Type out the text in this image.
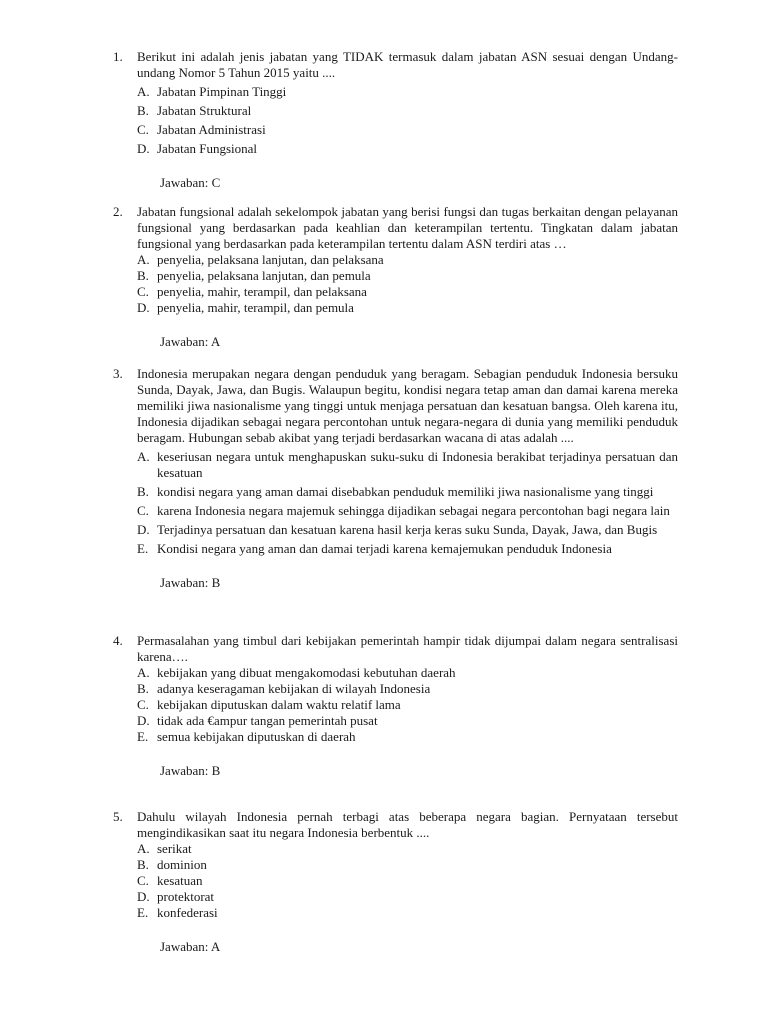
1.	Berikut ini adalah jenis jabatan yang TIDAK termasuk dalam jabatan ASN sesuai dengan Undang-undang Nomor 5 Tahun 2015 yaitu ....
A. Jabatan Pimpinan Tinggi
B. Jabatan Struktural
C. Jabatan Administrasi
D. Jabatan Fungsional
Jawaban: C
2.	Jabatan fungsional adalah sekelompok jabatan yang berisi fungsi dan tugas berkaitan dengan pelayanan fungsional yang berdasarkan pada keahlian dan keterampilan tertentu. Tingkatan dalam jabatan fungsional yang berdasarkan pada keterampilan tertentu dalam ASN terdiri atas …
A. penyelia, pelaksana lanjutan, dan pelaksana
B. penyelia, pelaksana lanjutan, dan pemula
C. penyelia, mahir, terampil, dan pelaksana
D. penyelia, mahir, terampil, dan pemula
Jawaban: A
3.	Indonesia merupakan negara dengan penduduk yang beragam. Sebagian penduduk Indonesia bersuku Sunda, Dayak, Jawa, dan Bugis. Walaupun begitu, kondisi negara tetap aman dan damai karena mereka memiliki jiwa nasionalisme yang tinggi untuk menjaga persatuan dan kesatuan bangsa. Oleh karena itu, Indonesia dijadikan sebagai negara percontohan untuk negara-negara di dunia yang memiliki penduduk beragam. Hubungan sebab akibat yang terjadi berdasarkan wacana di atas adalah ....
A. keseriusan negara untuk menghapuskan suku-suku di Indonesia berakibat terjadinya persatuan dan kesatuan
B. kondisi negara yang aman damai disebabkan penduduk memiliki jiwa nasionalisme yang tinggi
C. karena Indonesia negara majemuk sehingga dijadikan sebagai negara percontohan bagi negara lain
D. Terjadinya persatuan dan kesatuan karena hasil kerja keras suku Sunda, Dayak, Jawa, dan Bugis
E. Kondisi negara yang aman dan damai terjadi karena kemajemukan penduduk Indonesia
Jawaban: B
4.	Permasalahan yang timbul dari kebijakan pemerintah hampir tidak dijumpai dalam negara sentralisasi karena….
A. kebijakan yang dibuat mengakomodasi kebutuhan daerah
B. adanya keseragaman kebijakan di wilayah Indonesia
C. kebijakan diputuskan dalam waktu relatif lama
D. tidak ada €ampur tangan pemerintah pusat
E. semua kebijakan diputuskan di daerah
Jawaban: B
5.	Dahulu wilayah Indonesia pernah terbagi atas beberapa negara bagian. Pernyataan tersebut mengindikasikan saat itu negara Indonesia berbentuk ....
A. serikat
B. dominion
C. kesatuan
D. protektorat
E. konfederasi
Jawaban: A
